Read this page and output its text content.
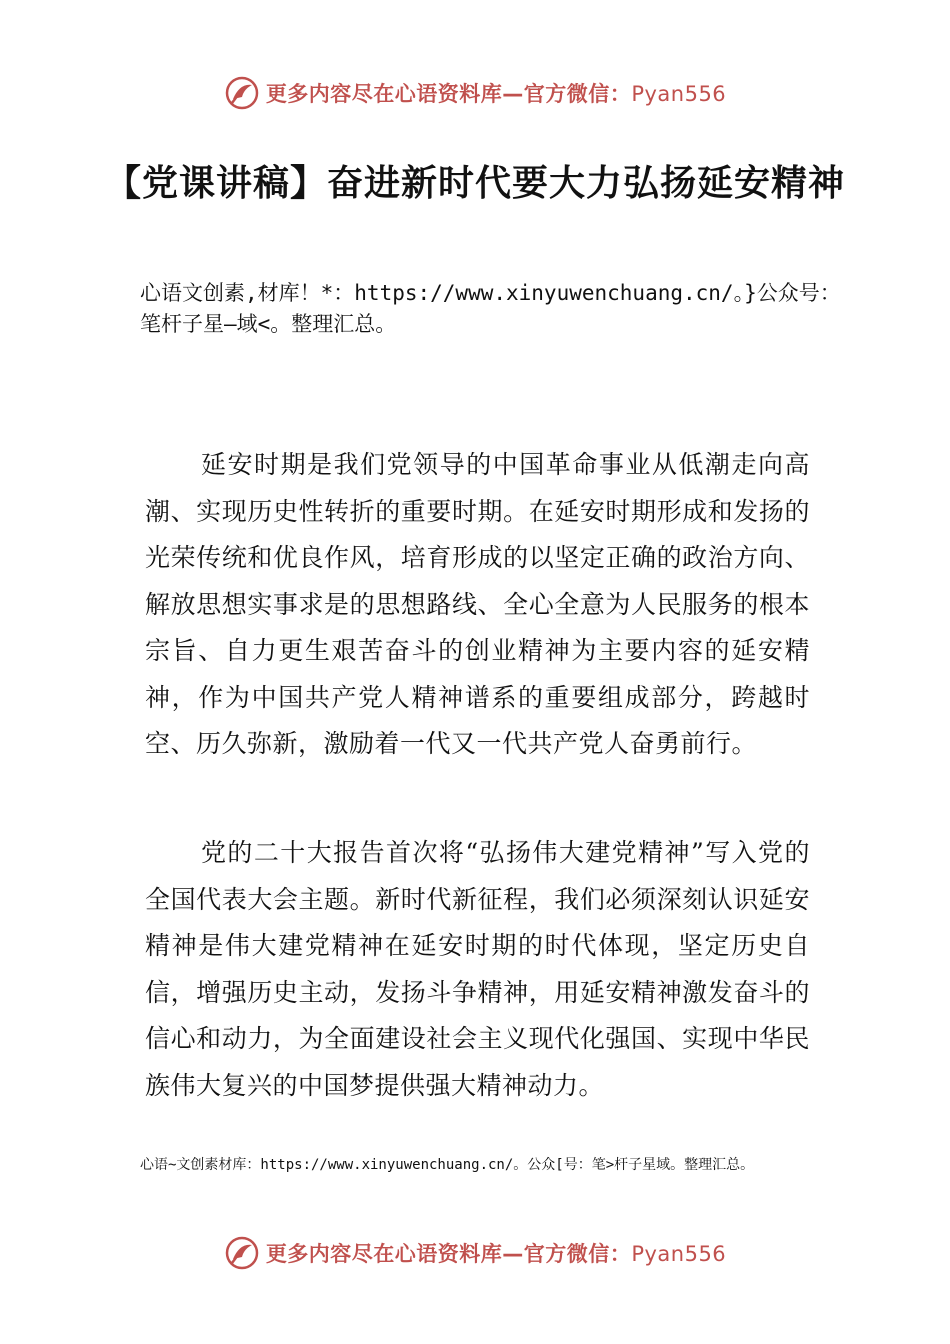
更多内容尽在心语资料库—官方微信：Pyan556
【党课讲稿】奋进新时代要大力弘扬延安精神
心语文创素,材库！*：https://www.xinyuwenchuang.cn/。}公众号：笔杆子星—域<。整理汇总。
延安时期是我们党领导的中国革命事业从低潮走向高潮、实现历史性转折的重要时期。在延安时期形成和发扬的光荣传统和优良作风，培育形成的以坚定正确的政治方向、解放思想实事求是的思想路线、全心全意为人民服务的根本宗旨、自力更生艰苦奋斗的创业精神为主要内容的延安精神，作为中国共产党人精神谱系的重要组成部分，跨越时空、历久弥新，激励着一代又一代共产党人奋勇前行。
党的二十大报告首次将“弘扬伟大建党精神”写入党的全国代表大会主题。新时代新征程，我们必须深刻认识延安精神是伟大建党精神在延安时期的时代体现，坚定历史自信，增强历史主动，发扬斗争精神，用延安精神激发奋斗的信心和动力，为全面建设社会主义现代化强国、实现中华民族伟大复兴的中国梦提供强大精神动力。
心语~文创素材库：https://www.xinyuwenchuang.cn/。公众[号：笔>杆子星域。整理汇总。
更多内容尽在心语资料库—官方微信：Pyan556
